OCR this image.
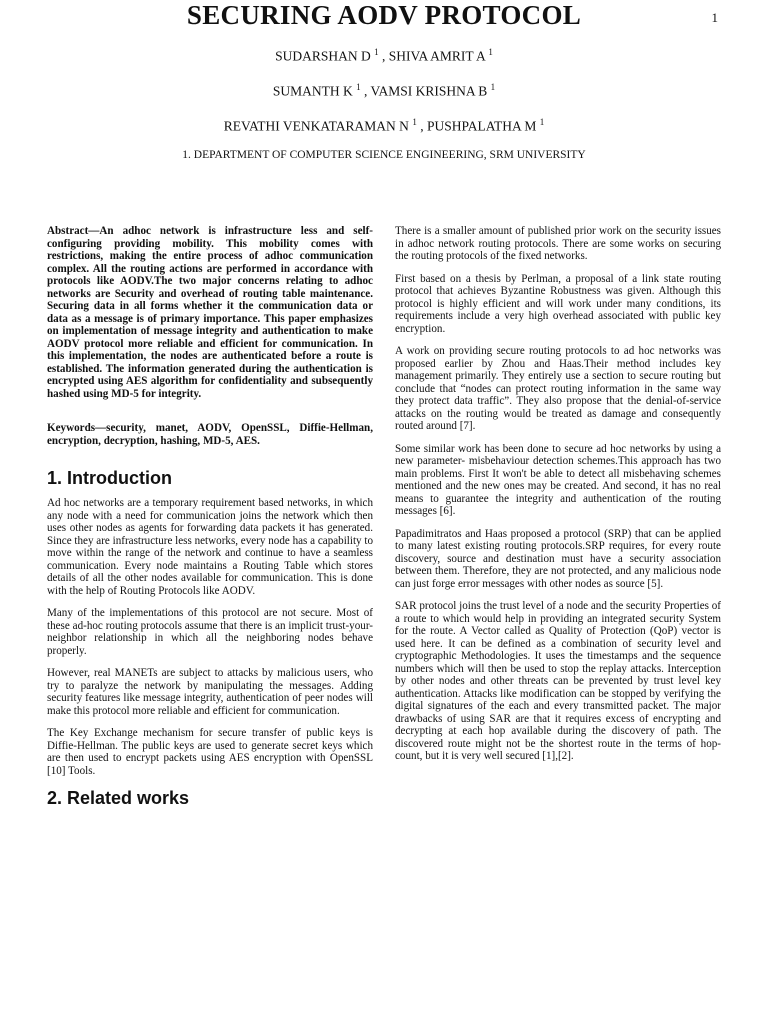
SECURING AODV PROTOCOL	1
SUDARSHAN D $^1$ , SHIVA AMRIT A $^1$
SUMANTH K $^1$ , VAMSI KRISHNA B $^1$
REVATHI VENKATARAMAN N $^1$ , PUSHPALATHA M $^1$
1. DEPARTMENT OF COMPUTER SCIENCE ENGINEERING, SRM UNIVERSITY

Abstract—An adhoc network is infrastructure less and self-configuring providing mobility. This mobility comes with restrictions, making the entire process of adhoc communication complex. All the routing actions are performed in accordance with protocols like AODV.The two major concerns relating to adhoc networks are Security and overhead of routing table maintenance. Securing data in all forms whether it the communication data or data as a message is of primary importance. This paper emphasizes on implementation of message integrity and authentication to make AODV protocol more reliable and efficient for communication. In this implementation, the nodes are authenticated before a route is established. The information generated during the authentication is encrypted using AES algorithm for confidentiality and subsequently hashed using MD-5 for integrity.

Keywords—security, manet, AODV, OpenSSL, Diffie-Hellman, encryption, decryption, hashing, MD-5, AES.

1. Introduction

Ad hoc networks are a temporary requirement based networks, in which any node with a need for communication joins the network which then uses other nodes as agents for forwarding data packets it has generated. Since they are infrastructure less networks, every node has a capability to move within the range of the network and continue to have a seamless communication. Every node maintains a Routing Table which stores details of all the other nodes available for communication. This is done with the help of Routing Protocols like AODV.

Many of the implementations of this protocol are not secure. Most of these ad-hoc routing protocols assume that there is an implicit trust-your-neighbor relationship in which all the neighboring nodes behave properly.

However, real MANETs are subject to attacks by malicious users, who try to paralyze the network by manipulating the messages. Adding security features like message integrity, authentication of peer nodes will make this protocol more reliable and efficient for communication.

The Key Exchange mechanism for secure transfer of public keys is Diffie-Hellman. The public keys are used to generate secret keys which are then used to encrypt packets using AES encryption with OpenSSL [10] Tools.

2. Related works

There is a smaller amount of published prior work on the security issues in adhoc network routing protocols. There are some works on securing the routing protocols of the fixed networks.

First based on a thesis by Perlman, a proposal of a link state routing protocol that achieves Byzantine Robustness was given. Although this protocol is highly efficient and will work under many conditions, its requirements include a very high overhead associated with public key encryption.

A work on providing secure routing protocols to ad hoc networks was proposed earlier by Zhou and Haas.Their method includes key management primarily. They entirely use a section to secure routing but conclude that “nodes can protect routing information in the same way they protect data traffic”. They also propose that the denial-of-service attacks on the routing would be treated as damage and consequently routed around [7].

Some similar work has been done to secure ad hoc networks by using a new parameter- misbehaviour detection schemes.This approach has two main problems. First It won't be able to detect all misbehaving schemes mentioned and the new ones may be created. And second, it has no real means to guarantee the integrity and authentication of the routing messages [6].

Papadimitratos and Haas proposed a protocol (SRP) that can be applied to many latest existing routing protocols.SRP requires, for every route discovery, source and destination must have a security association between them. Therefore, they are not protected, and any malicious node can just forge error messages with other nodes as source [5].

SAR protocol joins the trust level of a node and the security Properties of a route to which would help in providing an integrated security System for the route. A Vector called as Quality of Protection (QoP) vector is used here. It can be defined as a combination of security level and cryptographic Methodologies. It uses the timestamps and the sequence numbers which will then be used to stop the replay attacks. Interception by other nodes and other threats can be prevented by trust level key authentication. Attacks like modification can be stopped by verifying the digital signatures of the each and every transmitted packet. The major drawbacks of using SAR are that it requires excess of encrypting and decrypting at each hop available during the discovery of path. The discovered route might not be the shortest route in the terms of hop-count, but it is very well secured [1],[2].
